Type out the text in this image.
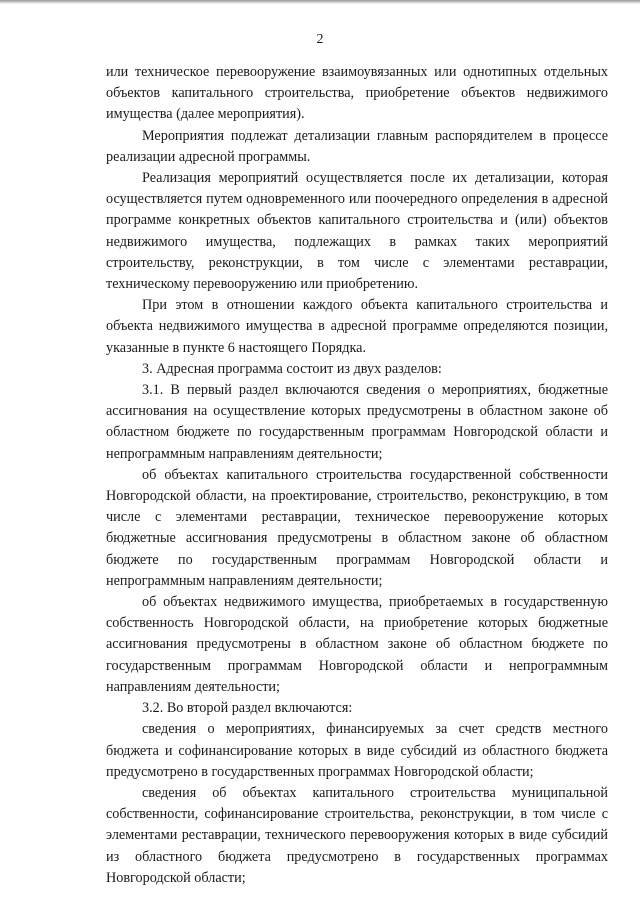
2

или техническое перевооружение взаимоувязанных или однотипных отдельных объектов капитального строительства, приобретение объектов недвижимого имущества (далее мероприятия).

Мероприятия подлежат детализации главным распорядителем в процессе реализации адресной программы.

Реализация мероприятий осуществляется после их детализации, которая осуществляется путем одновременного или поочередного определения в адресной программе конкретных объектов капитального строительства и (или) объектов недвижимого имущества, подлежащих в рамках таких мероприятий строительству, реконструкции, в том числе с элементами реставрации, техническому перевооружению или приобретению.

При этом в отношении каждого объекта капитального строительства и объекта недвижимого имущества в адресной программе определяются позиции, указанные в пункте 6 настоящего Порядка.

3. Адресная программа состоит из двух разделов:

3.1. В первый раздел включаются сведения о мероприятиях, бюджетные ассигнования на осуществление которых предусмотрены в областном законе об областном бюджете по государственным программам Новгородской области и непрограммным направлениям деятельности;

об объектах капитального строительства государственной собственности Новгородской области, на проектирование, строительство, реконструкцию, в том числе с элементами реставрации, техническое перевооружение которых бюджетные ассигнования предусмотрены в областном законе об областном бюджете по государственным программам Новгородской области и непрограммным направлениям деятельности;

об объектах недвижимого имущества, приобретаемых в государственную собственность Новгородской области, на приобретение которых бюджетные ассигнования предусмотрены в областном законе об областном бюджете по государственным программам Новгородской области и непрограммным направлениям деятельности;

3.2. Во второй раздел включаются:

сведения о мероприятиях, финансируемых за счет средств местного бюджета и софинансирование которых в виде субсидий из областного бюджета предусмотрено в государственных программах Новгородской области;

сведения об объектах капитального строительства муниципальной собственности, софинансирование строительства, реконструкции, в том числе с элементами реставрации, технического перевооружения которых в виде субсидий из областного бюджета предусмотрено в государственных программах Новгородской области;
